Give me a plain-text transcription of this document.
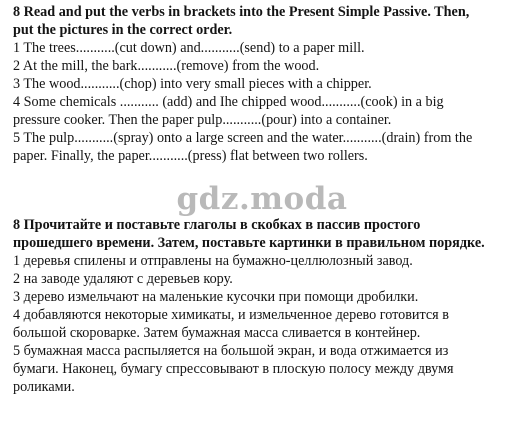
8 Read and put the verbs in brackets into the Present Simple Passive. Then,
put the pictures in the correct order.
1 The trees...........(cut down) and...........(send) to a paper mill.
2 At the mill, the bark...........(remove) from the wood.
3 The wood...........(chop) into very small pieces with a chipper.
4 Some chemicals ........... (add) and Ihe chipped wood...........(cook) in a big
pressure cooker. Then the paper pulp...........(pour) into a container.
5 The pulp...........(spray) onto a large screen and the water...........(drain) from the
paper. Finally, the paper...........(press) flat between two rollers.
gdz.moda
8 Прочитайте и поставьте глаголы в скобках в пассив простого
прошедшего времени. Затем, поставьте картинки в правильном порядке.
1 деревья спилены и отправлены на бумажно-целлюлозный завод.
2 на заводе удаляют с деревьев кору.
3 дерево измельчают на маленькие кусочки при помощи дробилки.
4 добавляются некоторые химикаты, и измельченное дерево готовится в
большой скороварке. Затем бумажная масса сливается в контейнер.
5 бумажная масса распыляется на большой экран, и вода отжимается из
бумаги. Наконец, бумагу спрессовывают в плоскую полосу между двумя
роликами.
